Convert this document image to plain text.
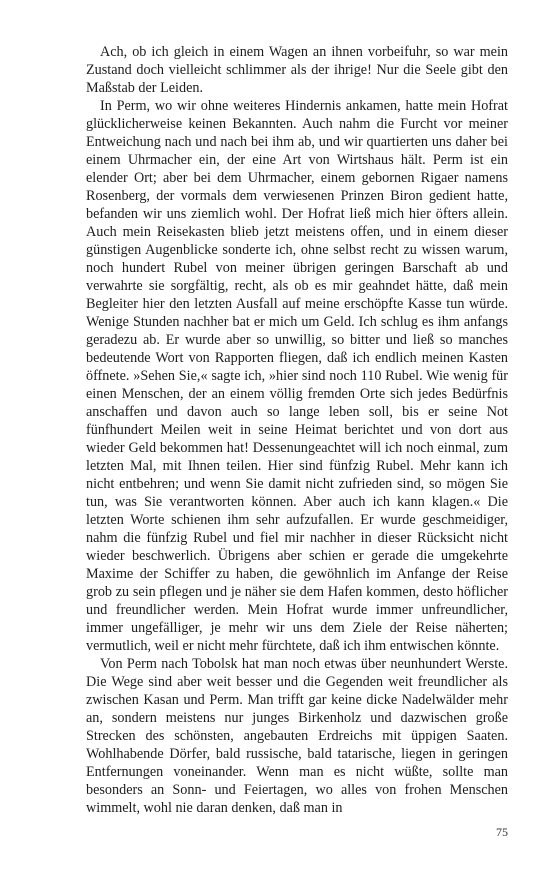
Ach, ob ich gleich in einem Wagen an ihnen vorbeifuhr, so war mein Zustand doch vielleicht schlimmer als der ihrige! Nur die Seele gibt den Maßstab der Leiden.

In Perm, wo wir ohne weiteres Hindernis ankamen, hatte mein Hofrat glücklicherweise keinen Bekannten. Auch nahm die Furcht vor meiner Entweichung nach und nach bei ihm ab, und wir quartierten uns daher bei einem Uhrmacher ein, der eine Art von Wirtshaus hält. Perm ist ein elender Ort; aber bei dem Uhrmacher, einem gebornen Rigaer namens Rosenberg, der vormals dem verwiesenen Prinzen Biron gedient hatte, befanden wir uns ziemlich wohl. Der Hofrat ließ mich hier öfters allein. Auch mein Reisekasten blieb jetzt meistens offen, und in einem dieser günstigen Augenblicke sonderte ich, ohne selbst recht zu wissen warum, noch hundert Rubel von meiner übrigen geringen Barschaft ab und verwahrte sie sorgfältig, recht, als ob es mir geahndet hätte, daß mein Begleiter hier den letzten Ausfall auf meine erschöpfte Kasse tun würde. Wenige Stunden nachher bat er mich um Geld. Ich schlug es ihm anfangs geradezu ab. Er wurde aber so unwillig, so bitter und ließ so manches bedeutende Wort von Rapporten fliegen, daß ich endlich meinen Kasten öffnete. »Sehen Sie,« sagte ich, »hier sind noch 110 Rubel. Wie wenig für einen Menschen, der an einem völlig fremden Orte sich jedes Bedürfnis anschaffen und davon auch so lange leben soll, bis er seine Not fünfhundert Meilen weit in seine Heimat berichtet und von dort aus wieder Geld bekommen hat! Dessenungeachtet will ich noch einmal, zum letzten Mal, mit Ihnen teilen. Hier sind fünfzig Rubel. Mehr kann ich nicht entbehren; und wenn Sie damit nicht zufrieden sind, so mögen Sie tun, was Sie verantworten können. Aber auch ich kann klagen.« Die letzten Worte schienen ihm sehr aufzufallen. Er wurde geschmeidiger, nahm die fünfzig Rubel und fiel mir nachher in dieser Rücksicht nicht wieder beschwerlich. Übrigens aber schien er gerade die umgekehrte Maxime der Schiffer zu haben, die gewöhnlich im Anfange der Reise grob zu sein pflegen und je näher sie dem Hafen kommen, desto höflicher und freundlicher werden. Mein Hofrat wurde immer unfreundlicher, immer ungefälliger, je mehr wir uns dem Ziele der Reise näherten; vermutlich, weil er nicht mehr fürchtete, daß ich ihm entwischen könnte.

Von Perm nach Tobolsk hat man noch etwas über neunhundert Werste. Die Wege sind aber weit besser und die Gegenden weit freundlicher als zwischen Kasan und Perm. Man trifft gar keine dicke Nadelwälder mehr an, sondern meistens nur junges Birkenholz und dazwischen große Strecken des schönsten, angebauten Erdreichs mit üppigen Saaten. Wohlhabende Dörfer, bald russische, bald tatarische, liegen in geringen Entfernungen voneinander. Wenn man es nicht wüßte, sollte man besonders an Sonn- und Feiertagen, wo alles von frohen Menschen wimmelt, wohl nie daran denken, daß man in

75
